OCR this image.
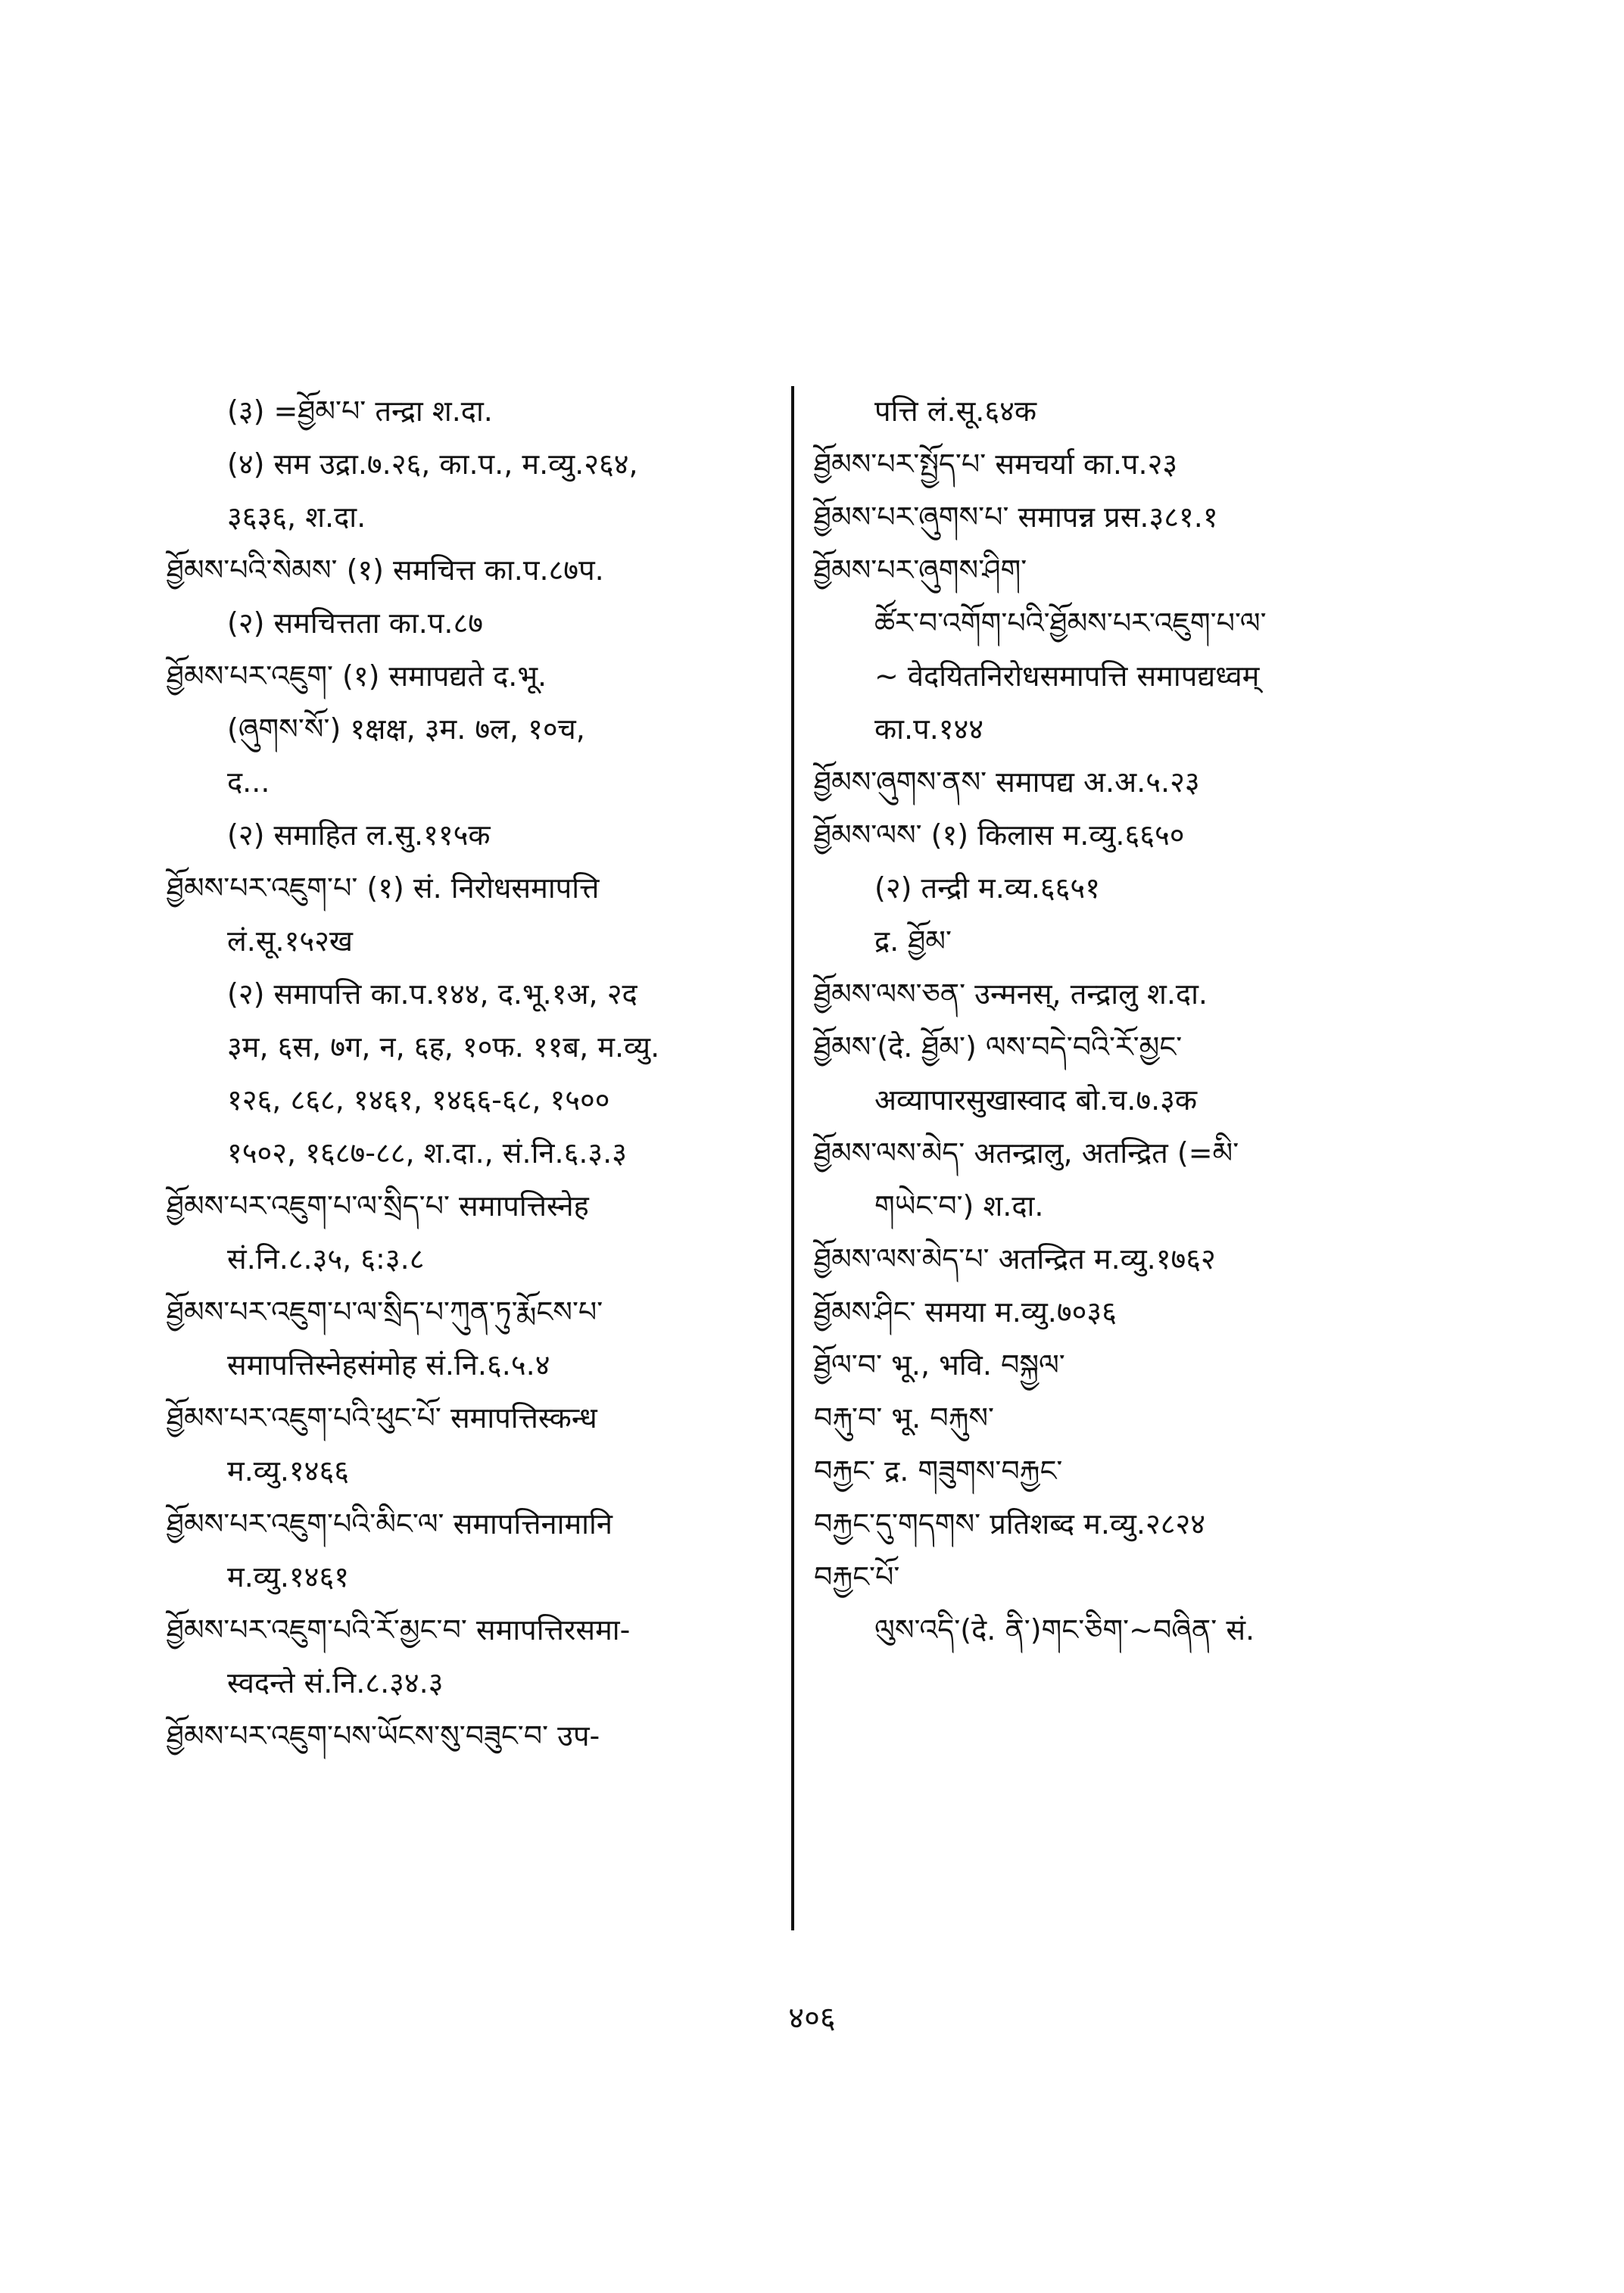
(३) =ཐྱོམ་པ་ तन्द्रा श.दा.
(४) सम उद्रा.७.२६, का.प., म.व्यु.२६४,
३६३६, श.दा.
ཐྱོམས་པའི་སེམས་ (१) समचित्त का.प.८७प.
(२) समचित्तता का.प.८७
ཐྱོམས་པར་འཇུག་ (१) समापद्यते द.भू.
(ཞུགས་སོ་) १क्षक्ष, ३म. ७ल, १०च,
द...
(२) समाहित ल.सु.११५क
ཐྱོམས་པར་འཇུག་པ་ (१) सं. निरोधसमापत्ति
लं.सू.१५२ख
(२) समापत्ति का.प.१४४, द.भू.१अ, २द
३म, ६स, ७ग, न, ६ह, १०फ. ११ब, म.व्यु.
१२६, ८६८, १४६१, १४६६-६८, १५००
१५०२, १६८७-८८, श.दा., सं.नि.६.३.३
ཐྱོམས་པར་འཇུག་པ་ལ་སྲིད་པ་ समापत्तिस्नेह
सं.नि.८.३५, ६:३.८
ཐྱོམས་པར་འཇུག་པ་ལ་སྲིད་པ་ཀུན་ཏུ་རྨོངས་པ་
समापत्तिस्नेहसंमोह सं.नि.६.५.४
ཐྱོམས་པར་འཇུག་པའི་ཕུང་པོ་ समापत्तिस्कन्ध
म.व्यु.१४६६
ཐྱོམས་པར་འཇུག་པའི་མིང་ལ་ समापत्तिनामानि
म.व्यु.१४६१
ཐྱོམས་པར་འཇུག་པའི་རོ་མྱང་བ་ समापत्तिरसमा-
स्वदन्ते सं.नि.८.३४.३
ཐྱོམས་པར་འཇུག་པས་ཡོངས་སུ་བཟུང་བ་ उप-
पत्ति लं.सू.६४क
ཐྱོམས་པར་སྤྱོད་པ་ समचर्या का.प.२३
ཐྱོམས་པར་ཞུགས་པ་ समापन्न प्रस.३८१.१
ཐྱོམས་པར་ཞུགས་ཤིག་
ཚོར་བ་འགོག་པའི་ཐྱོམས་པར་འཇུག་པ་ལ་
~ वेदयितनिरोधसमापत्ति समापद्यध्वम्
का.प.१४४
ཐྱོམས་ཞུགས་ནས་ समापद्य अ.अ.५.२३
ཐྱོམས་ལས་ (१) किलास म.व्यु.६६५०
(२) तन्द्री म.व्य.६६५१
द्र. ཐྱོམ་
ཐྱོམས་ལས་ཅན་ उन्मनस्, तन्द्रालु श.दा.
ཐྱོམས་(दे. ཐྱོམ་) ལས་བདེ་བའི་རོ་མྱང་
अव्यापारसुखास्वाद बो.च.७.३क
ཐྱོམས་ལས་མེད་ अतन्द्रालु, अतन्द्रित (=མི་
གཡེང་བ་) श.दा.
ཐྱོམས་ལས་མེད་པ་ अतन्द्रित म.व्यु.१७६२
ཐྱོམས་ཤིང་ समया म.व्यु.७०३६
ཐྱོལ་བ་ भू., भवि. བསྐྱལ་
བརྐུ་བ་ भू. བརྐུས་
བརྐྱང་ द्र. གཟུགས་བརྐྱང་
བརྐྱང་དུ་གདགས་ प्रतिशब्द म.व्यु.२८२४
བརྐྱང་པོ་
ལུས་འདི་(दे. ནི་)གང་ཅིག་~བཞིན་ सं.
४०६
